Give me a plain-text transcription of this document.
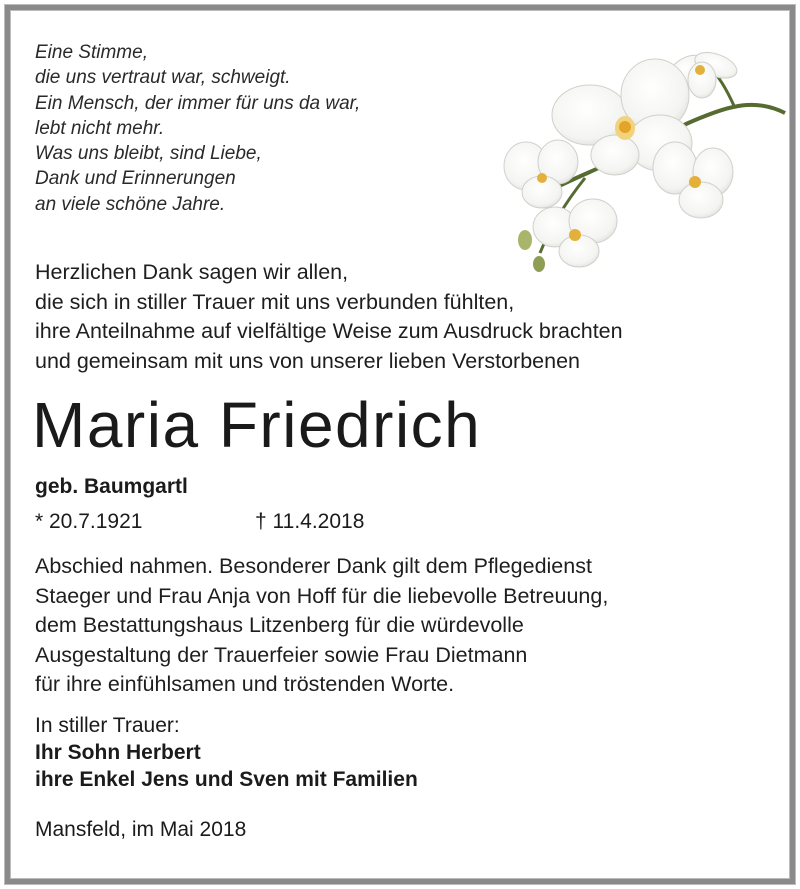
Eine Stimme,
die uns vertraut war, schweigt.
Ein Mensch, der immer für uns da war,
lebt nicht mehr.
Was uns bleibt, sind Liebe,
Dank und Erinnerungen
an viele schöne Jahre.
Herzlichen Dank sagen wir allen,
die sich in stiller Trauer mit uns verbunden fühlten,
ihre Anteilnahme auf vielfältige Weise zum Ausdruck brachten
und gemeinsam mit uns von unserer lieben Verstorbenen
Maria Friedrich
geb. Baumgartl
* 20.7.1921	† 11.4.2018
Abschied nahmen. Besonderer Dank gilt dem Pflegedienst
Staeger und Frau Anja von Hoff für die liebevolle Betreuung,
dem Bestattungshaus Litzenberg für die würdevolle
Ausgestaltung der Trauerfeier sowie Frau Dietmann
für ihre einfühlsamen und tröstenden Worte.
In stiller Trauer:
Ihr Sohn Herbert
ihre Enkel Jens und Sven mit Familien
Mansfeld, im Mai 2018
